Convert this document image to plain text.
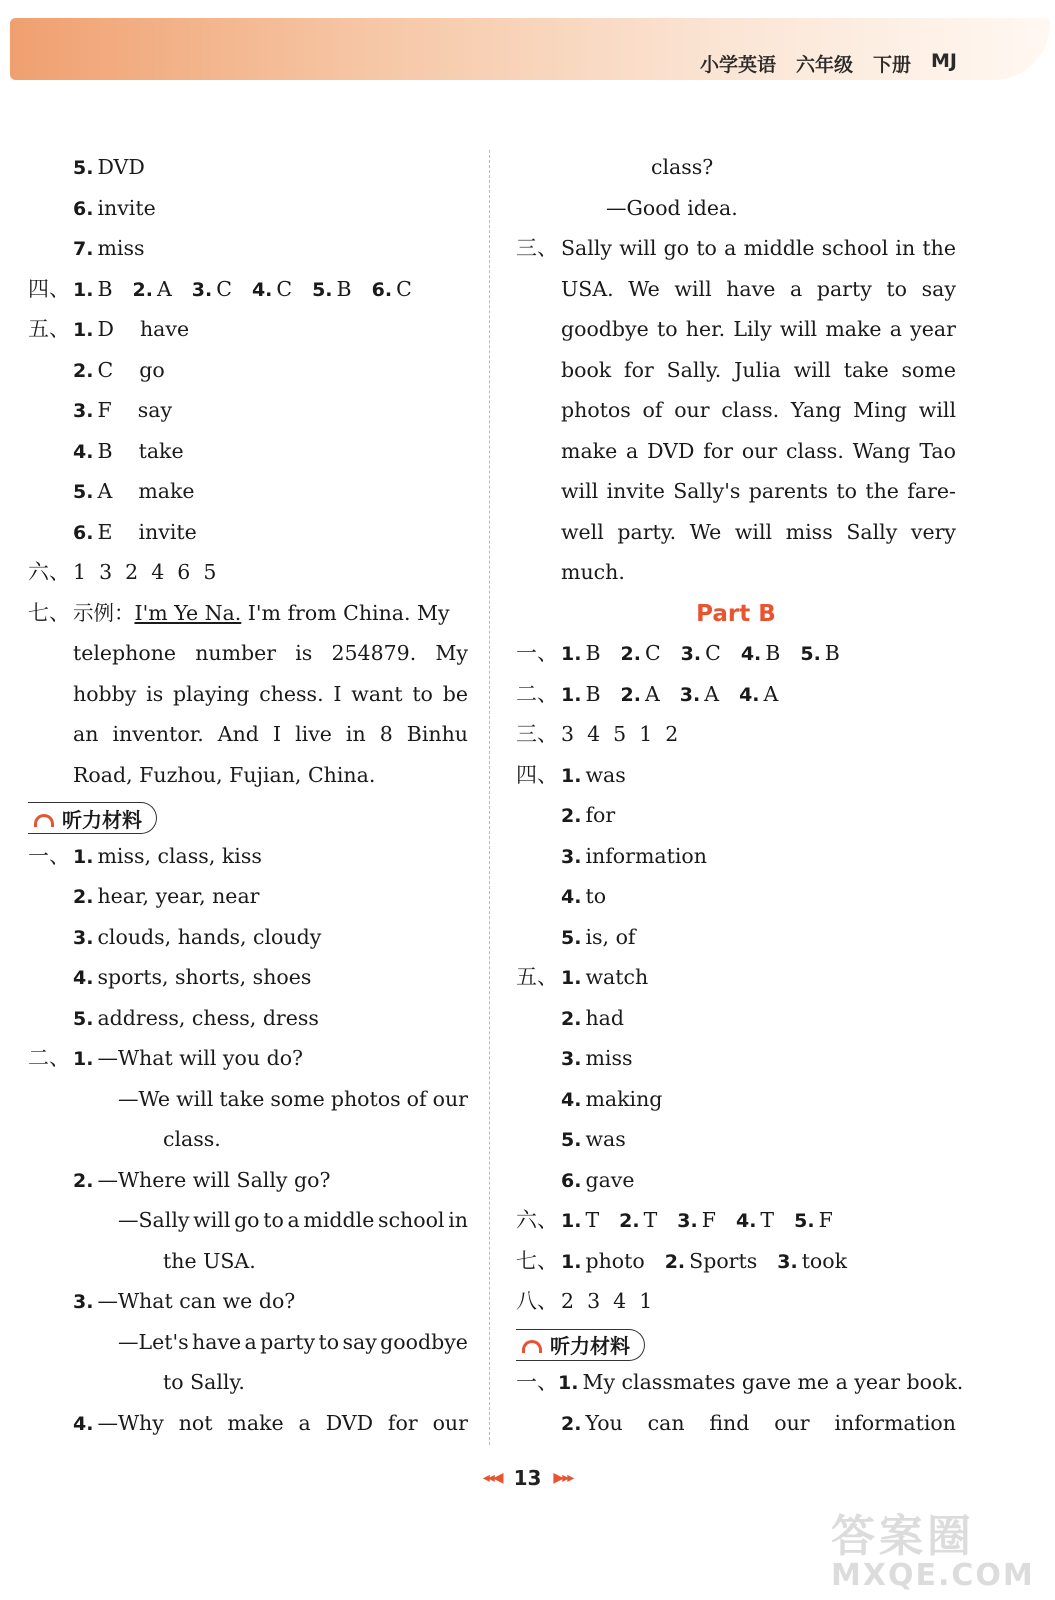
小学英语 六年级 下册 MJ
5. DVD
6. invite
7. miss
四、 1. B 2. A 3. C 4. C 5. B 6. C
五、 1. D    have
2. C    go
3. F    say
4. B    take
5. A    make
6. E    invite
六、 1  3  2  4  6  5
七、 示例： I'm Ye Na. I'm from China. My
telephone number is 254879. My
hobby is playing chess. I want to be
an inventor. And I live in 8 Binhu
Road, Fuzhou, Fujian, China.
听力材料
一、 1. miss, class, kiss
2. hear, year, near
3. clouds, hands, cloudy
4. sports, shorts, shoes
5. address, chess, dress
二、 1. —What will you do?
—We will take some photos of our
class.
2. —Where will Sally go?
—Sally will go to a middle school in
the USA.
3. —What can we do?
—Let's have a party to say goodbye
to Sally.
4. —Why not make a DVD for our
class?
—Good idea.
三、 Sally will go to a middle school in the
USA. We will have a party to say
goodbye to her. Lily will make a year
book for Sally. Julia will take some
photos of our class. Yang Ming will
make a DVD for our class. Wang Tao
will invite Sally's parents to the fare-
well party. We will miss Sally very
much.
Part B
一、 1. B 2. C 3. C 4. B 5. B
二、 1. B 2. A 3. A 4. A
三、 3  4  5  1  2
四、 1. was
2. for
3. information
4. to
5. is, of
五、 1. watch
2. had
3. miss
4. making
5. was
6. gave
六、 1. T 2. T 3. F 4. T 5. F
七、 1. photo 2. Sports 3. took
八、 2  3  4  1
听力材料
一、 1. My classmates gave me a year book.
2. You can find our information
◂◂◀ 13 ▶▸▸
答案圈
MXQE.COM
